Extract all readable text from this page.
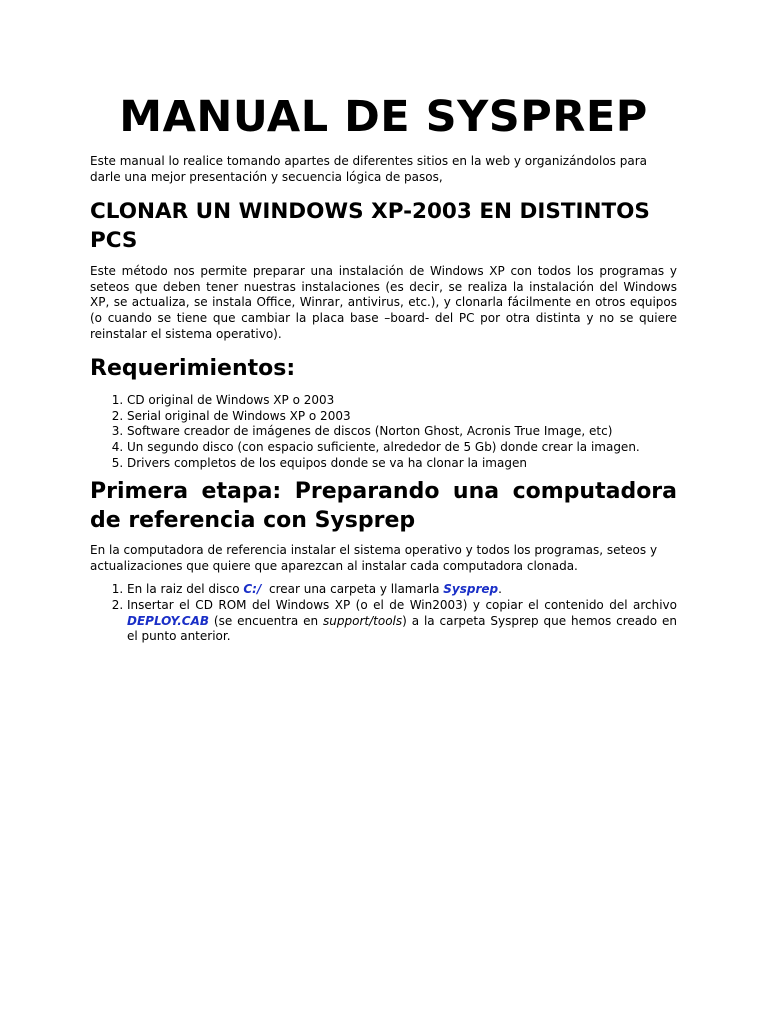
MANUAL DE SYSPREP

Este manual lo realice tomando apartes de diferentes sitios en la web y organizándolos para darle una mejor presentación y secuencia lógica de pasos,

CLONAR UN WINDOWS XP-2003 EN DISTINTOS PCS

Este método nos permite preparar una instalación de Windows XP con todos los programas y seteos que deben tener nuestras instalaciones (es decir, se realiza la instalación del Windows XP, se actualiza, se instala Office, Winrar, antivirus, etc.), y clonarla fácilmente en otros equipos (o cuando se tiene que cambiar la placa base –board- del PC por otra distinta y no se quiere reinstalar el sistema operativo).

Requerimientos:
1. CD original de Windows XP o 2003
2. Serial original de Windows XP o 2003
3. Software creador de imágenes de discos (Norton Ghost, Acronis True Image, etc)
4. Un segundo disco (con espacio suficiente, alrededor de 5 Gb) donde crear la imagen.
5. Drivers completos de los equipos donde se va ha clonar la imagen
Primera etapa: Preparando una computadora de referencia con Sysprep

En la computadora de referencia instalar el sistema operativo y todos los programas, seteos y actualizaciones que quiere que aparezcan al instalar cada computadora clonada.

1. En la raiz del disco C:/  crear una carpeta y llamarla Sysprep.
2. Insertar el CD ROM del Windows XP (o el de Win2003) y copiar el contenido del archivo DEPLOY.CAB (se encuentra en support/tools) a la carpeta Sysprep que hemos creado en el punto anterior.
